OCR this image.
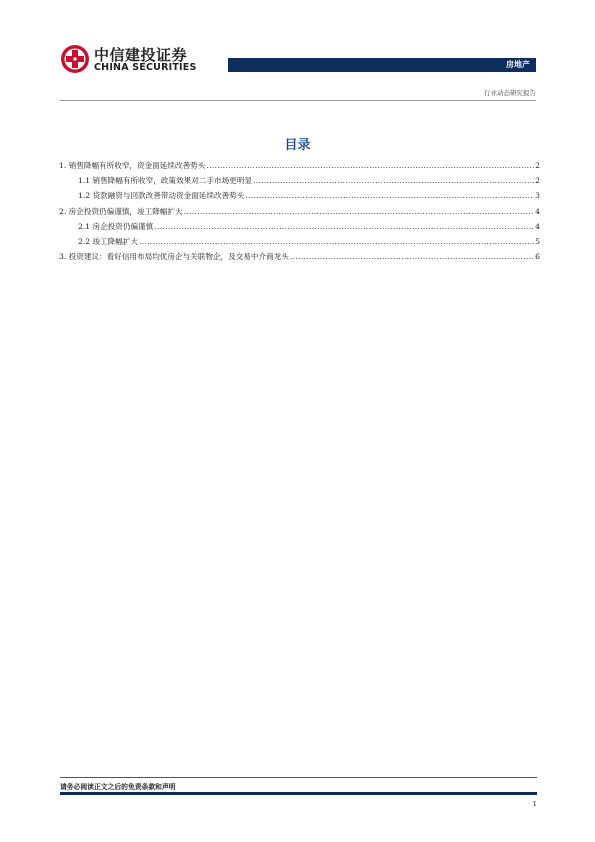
中信建投证券
CHINA SECURITIES	房地产
行业动态研究报告
目录
1. 销售降幅有所收窄，资金面延续改善势头 .....	2
1.1 销售降幅有所收窄，政策效果对二手市场更明显 .....	2
1.2 贷款融资与回款改善带动资金面延续改善势头 .....	3
2. 房企投资仍偏谨慎，竣工降幅扩大 .....	4
2.1 房企投资仍偏谨慎 .....	4
2.2 竣工降幅扩大 .....	5
3. 投资建议：看好信用布局均优房企与关联物企，及交易中介商龙头 .....	6
请务必阅读正文之后的免责条款和声明
1
